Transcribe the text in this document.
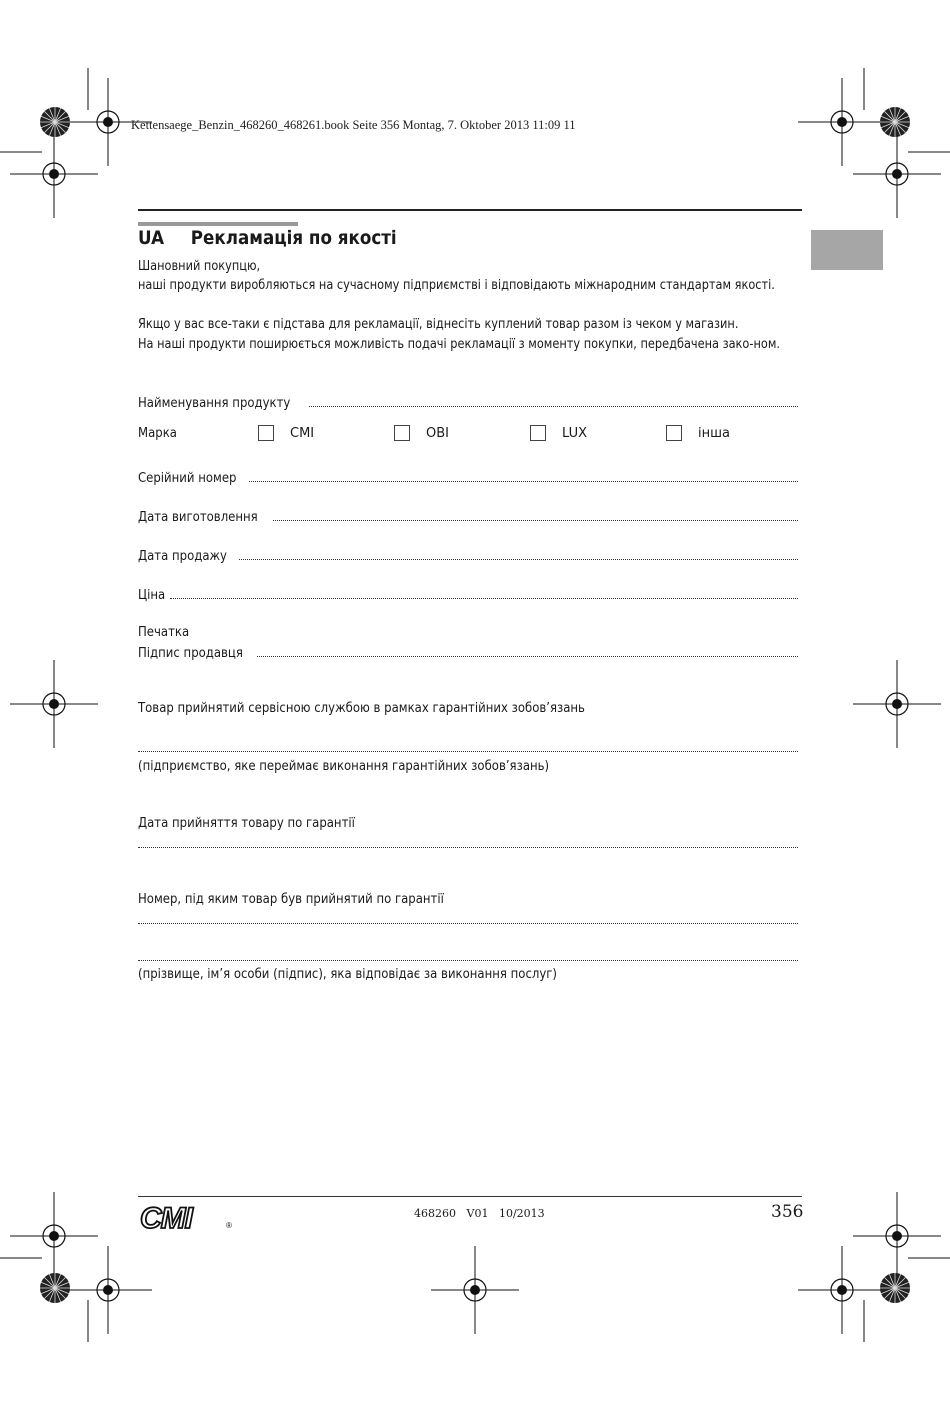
Kettensaege_Benzin_468260_468261.book Seite 356 Montag, 7. Oktober 2013 11:09 11
UA Рекламація по якості
Шановний покупцю,
наші продукти виробляються на сучасному підприємстві і відповідають міжнародним стандартам якості.
Якщо у вас все-таки є підстава для рекламації, віднесіть куплений товар разом із чеком у магазин.
На наші продукти поширюється можливість подачі рекламації з моменту покупки, передбачена зако-ном.
Найменування продукту
Марка	CMI	OBI	LUX	інша
Серійний номер
Дата виготовлення
Дата продажу
Ціна
Печатка
Підпис продавця
Товар прийнятий сервісною службою в рамках гарантійних зобов’язань
(підприємство, яке переймає виконання гарантійних зобов’язань)
Дата прийняття товару по гарантії
Номер, під яким товар був прийнятий по гарантії
(прізвище, ім’я особи (підпис), яка відповідає за виконання послуг)
CMI	®
468260 V01 10/2013	356
